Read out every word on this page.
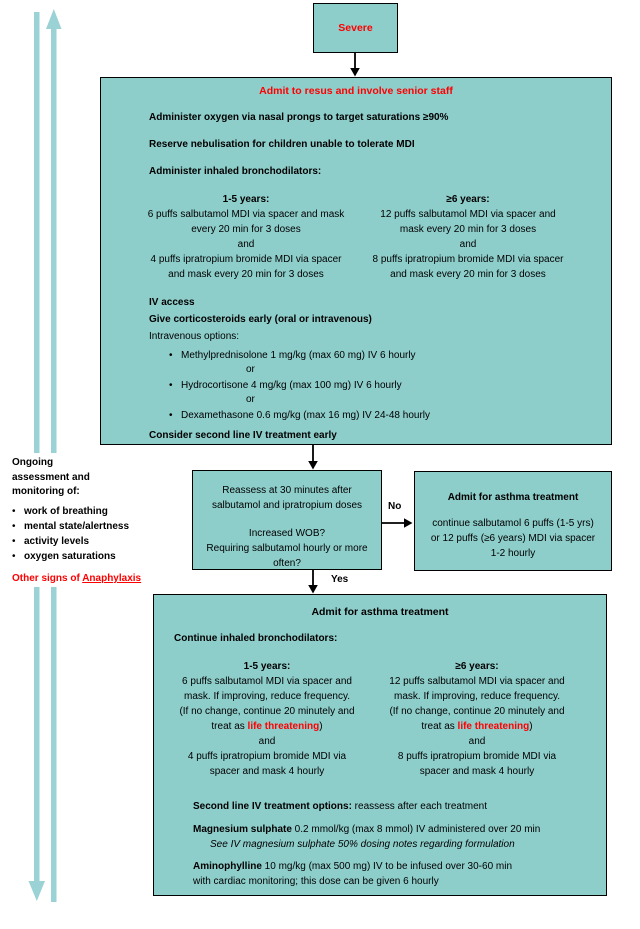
Severe
Admit to resus and involve senior staff
Administer oxygen via nasal prongs to target saturations ≥90%
Reserve nebulisation for children unable to tolerate MDI
Administer inhaled bronchodilators:
1-5 years:
6 puffs salbutamol MDI via spacer and mask
every 20 min for 3 doses
and
4 puffs ipratropium bromide MDI via spacer
and mask every 20 min for 3 doses
≥6 years:
12 puffs salbutamol MDI via spacer and
mask every 20 min for 3 doses
and
8 puffs ipratropium bromide MDI via spacer
and mask every 20 min for 3 doses
IV access
Give corticosteroids early (oral or intravenous)
Intravenous options:
• Methylprednisolone 1 mg/kg (max 60 mg) IV 6 hourly
or
• Hydrocortisone 4 mg/kg (max 100 mg) IV 6 hourly
or
• Dexamethasone 0.6 mg/kg (max 16 mg) IV 24-48 hourly
Consider second line IV treatment early
Ongoing assessment and monitoring of:
• work of breathing
• mental state/alertness
• activity levels
• oxygen saturations
Other signs of Anaphylaxis
Reassess at 30 minutes after
salbutamol and ipratropium doses
Increased WOB?
Requiring salbutamol hourly or more
often?
No
Yes
Admit for asthma treatment
continue salbutamol 6 puffs (1-5 yrs)
or 12 puffs (≥6 years) MDI via spacer
1-2 hourly
Admit for asthma treatment
Continue inhaled bronchodilators:
1-5 years:
6 puffs salbutamol MDI via spacer and
mask. If improving, reduce frequency.
(If no change, continue 20 minutely and
treat as life threatening)
and
4 puffs ipratropium bromide MDI via
spacer and mask 4 hourly
≥6 years:
12 puffs salbutamol MDI via spacer and
mask. If improving, reduce frequency.
(If no change, continue 20 minutely and
treat as life threatening)
and
8 puffs ipratropium bromide MDI via
spacer and mask 4 hourly
Second line IV treatment options: reassess after each treatment
Magnesium sulphate 0.2 mmol/kg (max 8 mmol) IV administered over 20 min
See IV magnesium sulphate 50% dosing notes regarding formulation
Aminophylline 10 mg/kg (max 500 mg) IV to be infused over 30-60 min
with cardiac monitoring; this dose can be given 6 hourly
